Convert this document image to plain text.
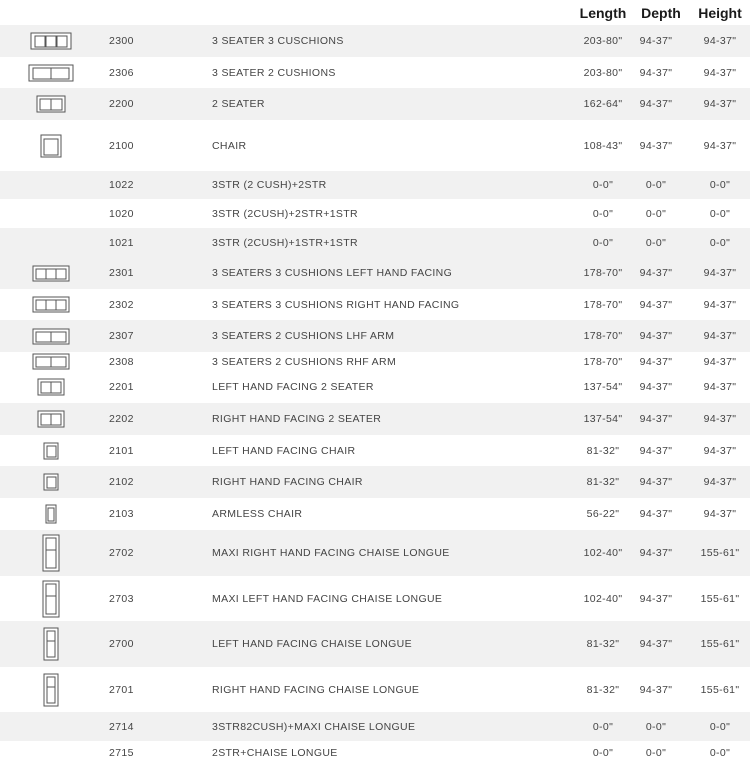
Length	Depth	Height
2300	3 SEATER 3 CUSCHIONS	203-80"	94-37"	94-37"
2306	3 SEATER 2 CUSHIONS	203-80"	94-37"	94-37"
2200	2 SEATER	162-64"	94-37"	94-37"
2100	CHAIR	108-43"	94-37"	94-37"
1022	3STR (2 CUSH)+2STR	0-0"	0-0"	0-0"
1020	3STR (2CUSH)+2STR+1STR	0-0"	0-0"	0-0"
1021	3STR (2CUSH)+1STR+1STR	0-0"	0-0"	0-0"
2301	3 SEATERS 3 CUSHIONS LEFT HAND FACING	178-70"	94-37"	94-37"
2302	3 SEATERS 3 CUSHIONS RIGHT HAND FACING	178-70"	94-37"	94-37"
2307	3 SEATERS 2 CUSHIONS LHF ARM	178-70"	94-37"	94-37"
2308	3 SEATERS 2 CUSHIONS RHF ARM	178-70"	94-37"	94-37"
2201	LEFT HAND FACING 2 SEATER	137-54"	94-37"	94-37"
2202	RIGHT HAND FACING 2 SEATER	137-54"	94-37"	94-37"
2101	LEFT HAND FACING CHAIR	81-32"	94-37"	94-37"
2102	RIGHT HAND FACING CHAIR	81-32"	94-37"	94-37"
2103	ARMLESS CHAIR	56-22"	94-37"	94-37"
2702	MAXI RIGHT HAND FACING CHAISE LONGUE	102-40"	94-37"	155-61"
2703	MAXI LEFT HAND FACING CHAISE LONGUE	102-40"	94-37"	155-61"
2700	LEFT HAND FACING CHAISE LONGUE	81-32"	94-37"	155-61"
2701	RIGHT HAND FACING CHAISE LONGUE	81-32"	94-37"	155-61"
2714	3STR82CUSH)+MAXI CHAISE LONGUE	0-0"	0-0"	0-0"
2715	2STR+CHAISE LONGUE	0-0"	0-0"	0-0"
